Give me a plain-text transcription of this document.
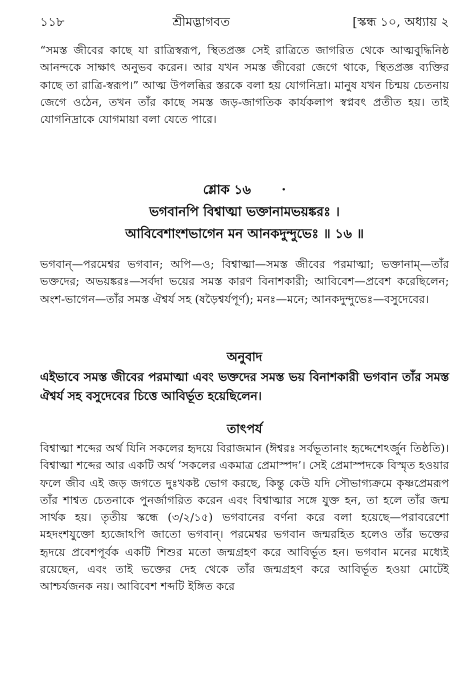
১১৮	শ্রীমদ্ভাগবত	[স্কন্ধ ১০, অধ্যায় ২

“সমস্ত জীবের কাছে যা রাত্রিস্বরূপ, স্থিতপ্রজ্ঞ সেই রাত্রিতে জাগরিত থেকে আত্মবুদ্ধিনিষ্ঠ আনন্দকে সাক্ষাৎ অনুভব করেন। আর যখন সমস্ত জীবেরা জেগে থাকে, স্থিতপ্রজ্ঞ ব্যক্তির কাছে তা রাত্রি-স্বরূপ।” আত্ম উপলব্ধির স্তরকে বলা হয় যোগনিদ্রা। মানুষ যখন চিন্ময় চেতনায় জেগে ওঠেন, তখন তাঁর কাছে সমস্ত জড়-জাগতিক কার্যকলাপ স্বপ্নবৎ প্রতীত হয়। তাই যোগনিদ্রাকে যোগমায়া বলা যেতে পারে।

শ্লোক ১৬ ·
ভগবানপি বিশ্বাত্মা ভক্তানামভয়ঙ্করঃ ।
আবিবেশাংশভাগেন মন আনকদুন্দুভেঃ ॥ ১৬ ॥

ভগবান্—পরমেশ্বর ভগবান; অপি—ও; বিশ্বাত্মা—সমস্ত জীবের পরমাত্মা; ভক্তানাম্—তাঁর ভক্তদের; অভয়ঙ্করঃ—সর্বদা ভয়ের সমস্ত কারণ বিনাশকারী; আবিবেশ—প্রবেশ করেছিলেন; অংশ-ভাগেন—তাঁর সমস্ত ঐশ্বর্য সহ (ষড়ৈশ্বর্যপূর্ণ); মনঃ—মনে; আনকদুন্দুভেঃ—বসুদেবের।

অনুবাদ

এইভাবে সমস্ত জীবের পরমাত্মা এবং ভক্তদের সমস্ত ভয় বিনাশকারী ভগবান তাঁর সমস্ত ঐশ্বর্য সহ বসুদেবের চিত্তে আবির্ভূত হয়েছিলেন।

তাৎপর্য

বিশ্বাত্মা শব্দের অর্থ যিনি সকলের হৃদয়ে বিরাজমান (ঈশ্বরঃ সর্বভূতানাং হৃদ্দেশেঽর্জুন তিষ্ঠতি)। বিশ্বাত্মা শব্দের আর একটি অর্থ ‘সকলের একমাত্র প্রেমাস্পদ’। সেই প্রেমাস্পদকে বিস্মৃত হওয়ার ফলে জীব এই জড় জগতে দুঃখকষ্ট ভোগ করছে, কিন্তু কেউ যদি সৌভাগ্যক্রমে কৃষ্ণপ্রেমরূপ তাঁর শাশ্বত চেতনাকে পুনর্জাগরিত করেন এবং বিশ্বাত্মার সঙ্গে যুক্ত হন, তা হলে তাঁর জন্ম সার্থক হয়। তৃতীয় স্কন্ধে (৩/২/১৫) ভগবানের বর্ণনা করে বলা হয়েছে—পরাবরেশো মহদংশযুক্তো হ্যজোঽপি জাতো ভগবান্। পরমেশ্বর ভগবান জন্মরহিত হলেও তাঁর ভক্তের হৃদয়ে প্রবেশপূর্বক একটি শিশুর মতো জন্মগ্রহণ করে আবির্ভূত হন। ভগবান মনের মধ্যেই রয়েছেন, এবং তাই ভক্তের দেহ থেকে তাঁর জন্মগ্রহণ করে আবির্ভূত হওয়া মোটেই আশ্চর্যজনক নয়। আবিবেশ শব্দটি ইঙ্গিত করে
